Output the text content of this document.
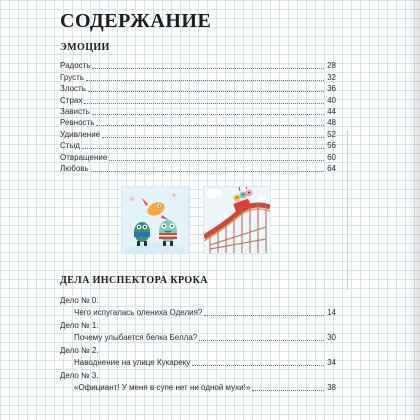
СОДЕРЖАНИЕ
ЭМОЦИИ
Радость	28
Грусть	32
Злость	36
Страх	40
Зависть	44
Ревность	48
Удивление	52
Стыд	56
Отвращение	60
Любовь	64
ДЕЛА ИНСПЕКТОРА КРОКА
Дело № 0.
Чего испугалась олениха Оделия?	14
Дело № 1.
Почему улыбается белка Белла?	30
Дело № 2.
Наводнение на улице Кукареку	34
Дело № 3.
«Официант! У меня в супе нет ни одной мухи!»	38
